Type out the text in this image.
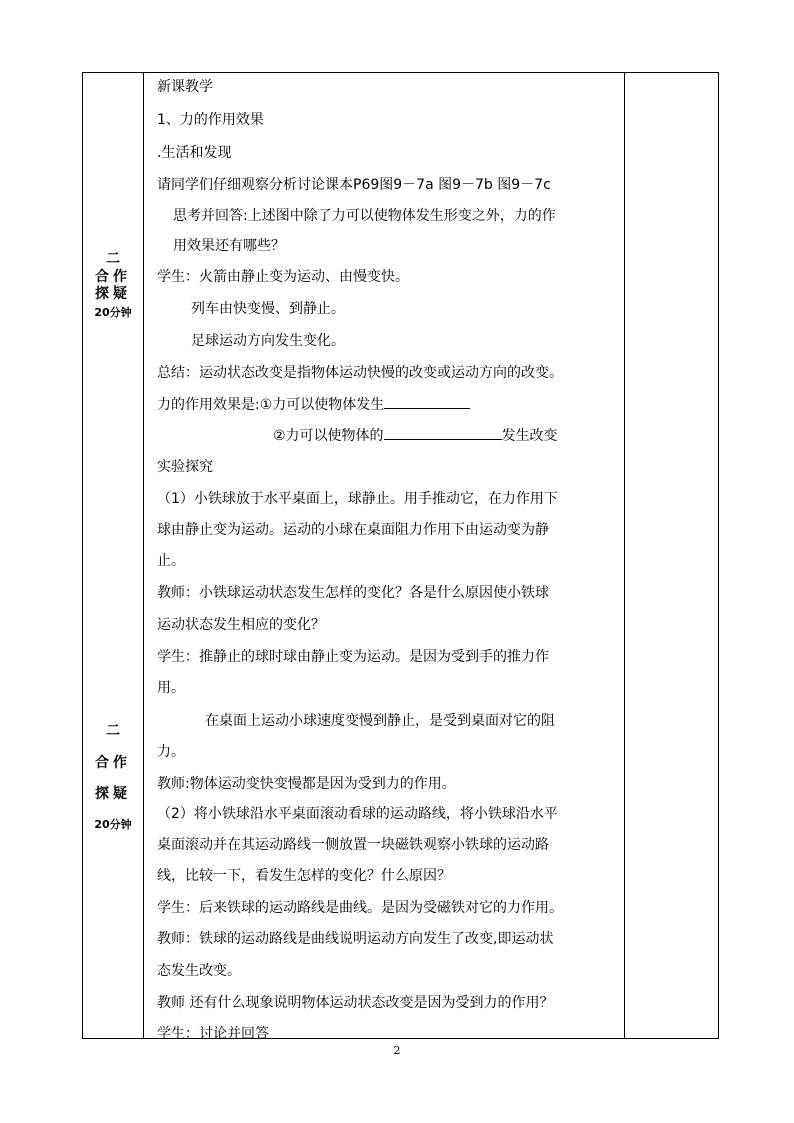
二
合作
探疑
20分钟
二
合作
探疑
20分钟
新课教学
1、力的作用效果
.生活和发现
请同学们仔细观察分析讨论课本P69图9－7a 图9－7b 图9－7c
思考并回答:上述图中除了力可以使物体发生形变之外，力的作
用效果还有哪些？
学生：火箭由静止变为运动、由慢变快。
列车由快变慢、到静止。
足球运动方向发生变化。
总结：运动状态改变是指物体运动快慢的改变或运动方向的改变。
力的作用效果是:①力可以使物体发生
②力可以使物体的	发生改变
实验探究
（1）小铁球放于水平桌面上，球静止。用手推动它，在力作用下
球由静止变为运动。运动的小球在桌面阻力作用下由运动变为静
止。
教师：小铁球运动状态发生怎样的变化？各是什么原因使小铁球
运动状态发生相应的变化？
学生：推静止的球时球由静止变为运动。是因为受到手的推力作
用。
在桌面上运动小球速度变慢到静止，是受到桌面对它的阻
力。
教师:物体运动变快变慢都是因为受到力的作用。
（2）将小铁球沿水平桌面滚动看球的运动路线，将小铁球沿水平
桌面滚动并在其运动路线一侧放置一块磁铁观察小铁球的运动路
线，比较一下，看发生怎样的变化？什么原因？
学生：后来铁球的运动路线是曲线。是因为受磁铁对它的力作用。
教师：铁球的运动路线是曲线说明运动方向发生了改变,即运动状
态发生改变。
教师 还有什么现象说明物体运动状态改变是因为受到力的作用？
学生：讨论并回答
2
